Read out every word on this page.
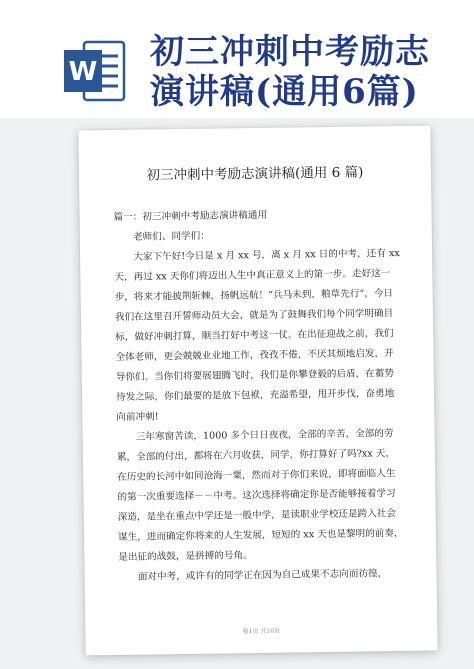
W 初三冲刺中考励志
演讲稿(通用6篇)
初三冲刺中考励志演讲稿(通用 6 篇)

篇一：初三冲刺中考励志演讲稿通用

老师们、同学们：

大家下午好!今日是 x 月 xx 号，离 x 月 xx 日的中考，还有 xx 天，再过 xx 天你们将迈出人生中真正意义上的第一步。走好这一步，将来才能披荆斩棘，扬帆远航！“兵马未到，粮草先行”，今日我们在这里召开誓师动员大会，就是为了鼓舞我们每个同学明确目标，做好冲刺打算，顺当打好中考这一仗。在出征迎战之前，我们全体老师，更会兢兢业业地工作，孜孜不倦，不厌其烦地启发，开导你们。当你们将要展翅腾飞时，我们是你攀登毅的后盾，在蓄势待发之际，你们最要的是放下包袱，充溢希望，甩开步伐，奋勇地向前冲刺!

三年寒窗苦读，1000 多个日日夜夜，全部的辛苦，全部的劳累，全部的付出，都将在六月收获，同学，你打算好了吗?xx 天，在历史的长河中如同沧海一粟，然而对于你们来说，即将面临人生的第一次重要选择－－中考。这次选择将确定你是否能够接着学习深造，是坐在重点中学还是一般中学，是读职业学校还是跨入社会谋生，进而确定你将来的人生发展，短短的 xx 天也是黎明的前奏，是出征的战鼓，是拼搏的号角。

面对中考，或许有的同学正在因为自己成果不志向而彷徨，

第1页 共16页
